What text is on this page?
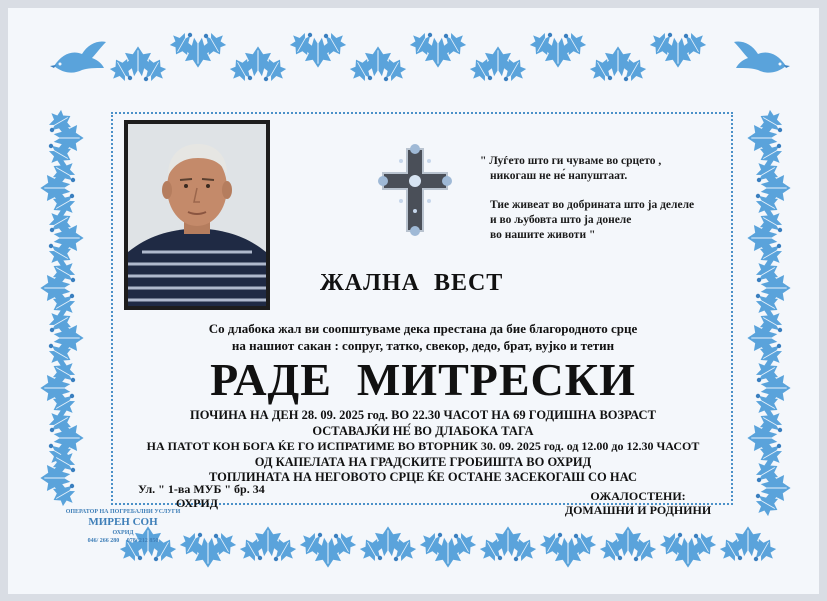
" Луѓето што ги чуваме во срцето ,
никогаш не не́ напуштаат.
Тие живеат во добрината што ја делеле
и во љубовта што ја донеле
во нашите животи "
ЖАЛНА  ВЕСТ
Со длабока жал ви соопштуваме дека престана да бие благородното срце
на нашиот сакан : сопруг, татко, свекор, дедо, брат, вујко и тетин
РАДЕ  МИТРЕСКИ
ПОЧИНА НА ДЕН 28. 09. 2025 год. ВО 22.30 ЧАСОТ НА 69 ГОДИШНА ВОЗРАСТ
ОСТАВАЈЌИ НЕ́ ВО ДЛАБОКА ТАГА
НА ПАТОТ КОН БОГА ЌЕ ГО ИСПРАТИМЕ ВО ВТОРНИК 30. 09. 2025 год. од 12.00 до 12.30 ЧАСОТ
ОД КАПЕЛАТА НА ГРАДСКИТЕ ГРОБИШТА ВО ОХРИД
ТОПЛИНАТА НА НЕГОВОТО СРЦЕ ЌЕ ОСТАНЕ ЗАСЕКОГАШ СО НАС
Ул. " 1-ва МУБ " бр. 34
ОХРИД	ОЖАЛОСТЕНИ:
ДОМАШНИ И РОДНИНИ
ОПЕРАТОР НА ПОГРЕБАЛНИ УСЛУГИ
МИРЕН СОН
ОХРИД
046/ 266 280     078/ 212 850
